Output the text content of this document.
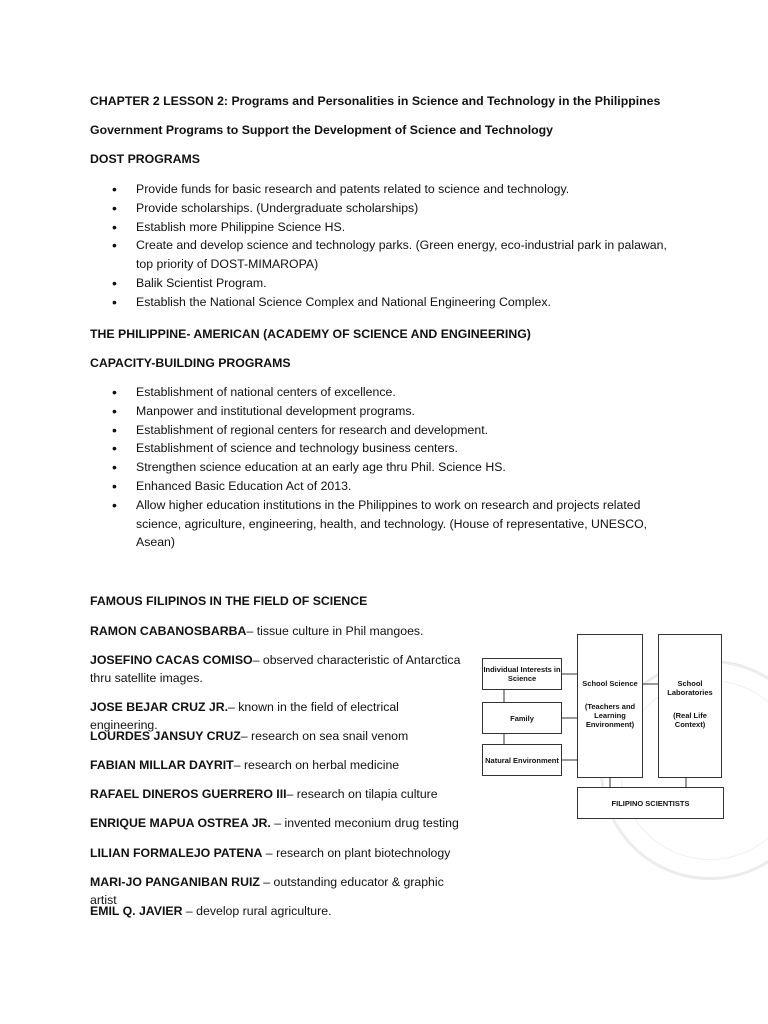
CHAPTER 2 LESSON 2: Programs and Personalities in Science and Technology in the Philippines
Government Programs to Support the Development of Science and Technology
DOST PROGRAMS
• Provide funds for basic research and patents related to science and technology.
• Provide scholarships. (Undergraduate scholarships)
• Establish more Philippine Science HS.
• Create and develop science and technology parks. (Green energy, eco-industrial park in palawan,
top priority of DOST-MIMAROPA)
• Balik Scientist Program.
• Establish the National Science Complex and National Engineering Complex.
THE PHILIPPINE- AMERICAN (ACADEMY OF SCIENCE AND ENGINEERING)
CAPACITY-BUILDING PROGRAMS
• Establishment of national centers of excellence.
• Manpower and institutional development programs.
• Establishment of regional centers for research and development.
• Establishment of science and technology business centers.
• Strengthen science education at an early age thru Phil. Science HS.
• Enhanced Basic Education Act of 2013.
• Allow higher education institutions in the Philippines to work on research and projects related
science, agriculture, engineering, health, and technology. (House of representative, UNESCO,
Asean)
FAMOUS FILIPINOS IN THE FIELD OF SCIENCE
RAMON CABANOSBARBA– tissue culture in Phil mangoes.
JOSEFINO CACAS COMISO– observed characteristic of Antarctica
thru satellite images.
JOSE BEJAR CRUZ JR.– known in the field of electrical engineering.
LOURDES JANSUY CRUZ– research on sea snail venom
FABIAN MILLAR DAYRIT– research on herbal medicine
RAFAEL DINEROS GUERRERO III– research on tilapia culture
ENRIQUE MAPUA OSTREA JR. – invented meconium drug testing
LILIAN FORMALEJO PATENA – research on plant biotechnology
MARI-JO PANGANIBAN RUIZ – outstanding educator & graphic artist
EMIL Q. JAVIER – develop rural agriculture.
Individual Interests in Science
Family
Natural Environment
School Science
(Teachers and Learning Environment)
School Laboratories
(Real Life Context)
FILIPINO SCIENTISTS
